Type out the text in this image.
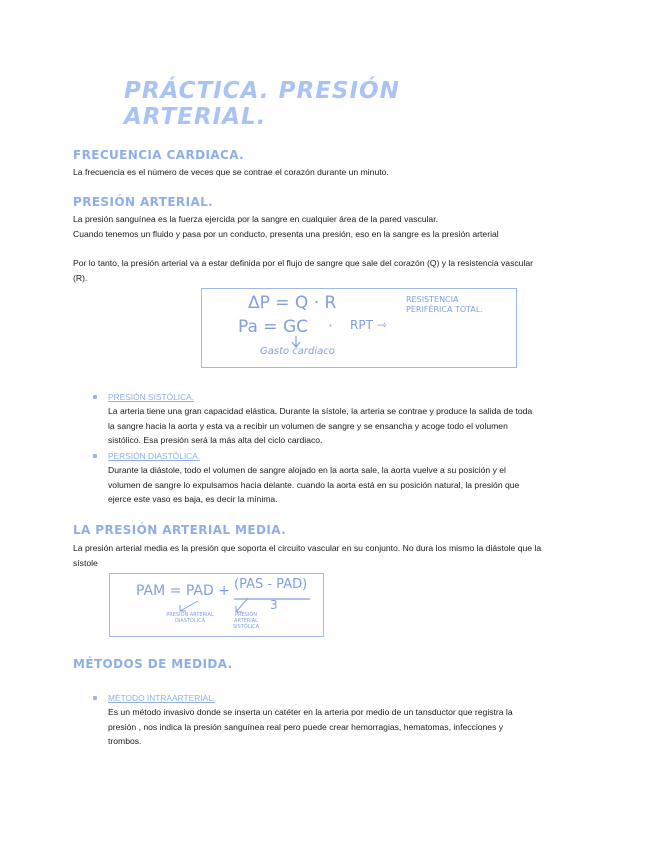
PRÁCTICA. PRESIÓN ARTERIAL.
FRECUENCIA CARDIACA.
La frecuencia es el número de veces que se contrae el corazón durante un minuto.
PRESIÓN ARTERIAL.
La presión sanguínea es la fuerza ejercida por la sangre en cualquier área de la pared vascular.
Cuando tenemos un fluido y pasa por un conducto, presenta una presión, eso en la sangre es la presión arterial
Por lo tanto, la presión arterial va a estar definida por el flujo de sangre que sale del corazón (Q) y la resistencia vascular (R).
ΔP = Q · R
Pa = GC · RPT ⇾
RESISTENCIA PERIFÉRICA TOTAL.
Gasto cardiaco
PRESIÓN SISTÓLICA.
La arteria tiene una gran capacidad elástica. Durante la sístole, la arteria se contrae y produce la salida de toda la sangre hacia la aorta y esta va a recibir un volumen de sangre y se ensancha y acoge todo el volumen sistólico. Esa presión será la más alta del ciclo cardiaco.
PERSIÓN DIASTÓLICA.
Durante la diástole, todo el volumen de sangre alojado en la aorta sale, la aorta vuelve a su posición y el volumen de sangre lo expulsamos hacia delante. cuando la aorta está en su posición natural, la presión que ejerce este vaso es baja, es decir la mínima.
LA PRESIÓN ARTERIAL MEDIA.
La presión arterial media es la presión que soporta el circuito vascular en su conjunto. No dura los mismo la diástole que la sístole
PAM = PAD + (PAS - PAD)
3
PRESIÓN ARTERIAL DIASTÓLICA
PRESIÓN ARTERIAL SISTÓLICA
MÉTODOS DE MEDIDA.
MÉTODO INTRAARTERIAL.
Es un método invasivo donde se inserta un catéter en la arteria por medio de un tansductor que registra la presión , nos indica la presión sanguínea real pero puede crear hemorragias, hematomas, infecciones y trombos.
